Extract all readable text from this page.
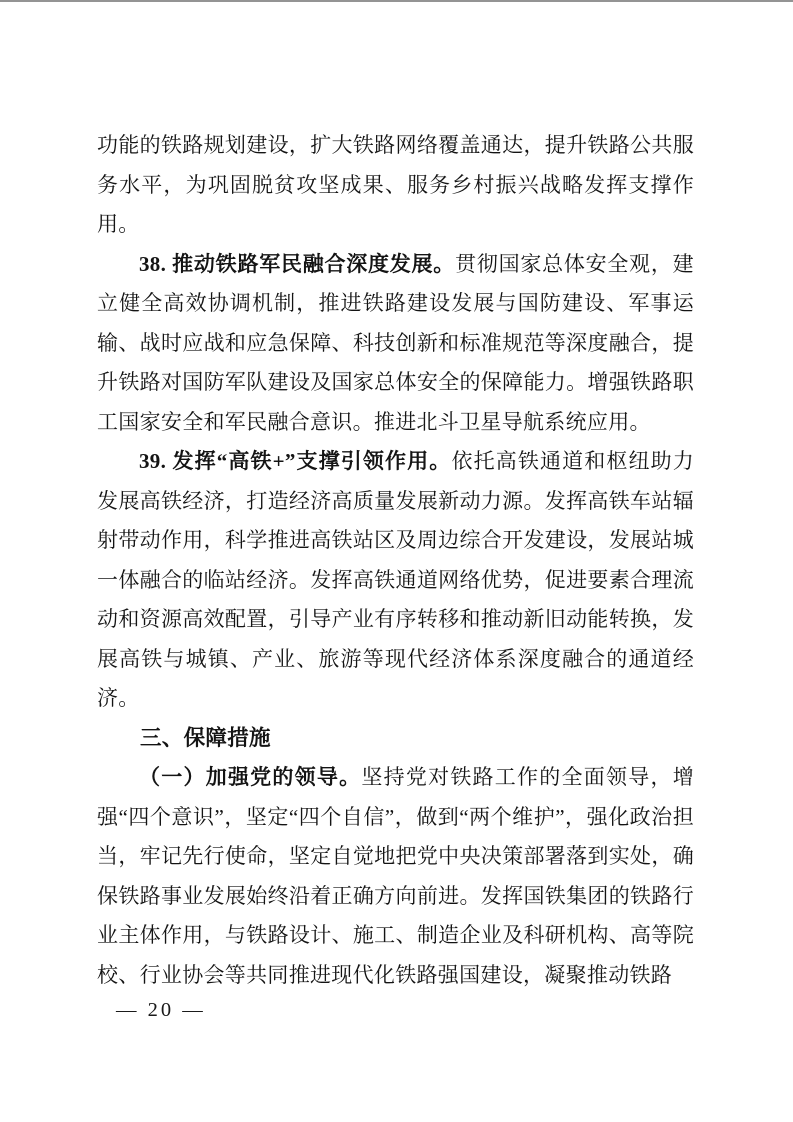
功能的铁路规划建设，扩大铁路网络覆盖通达，提升铁路公共服务水平，为巩固脱贫攻坚成果、服务乡村振兴战略发挥支撑作用。

38. 推动铁路军民融合深度发展。贯彻国家总体安全观，建立健全高效协调机制，推进铁路建设发展与国防建设、军事运输、战时应战和应急保障、科技创新和标准规范等深度融合，提升铁路对国防军队建设及国家总体安全的保障能力。增强铁路职工国家安全和军民融合意识。推进北斗卫星导航系统应用。

39. 发挥“高铁+”支撑引领作用。依托高铁通道和枢纽助力发展高铁经济，打造经济高质量发展新动力源。发挥高铁车站辐射带动作用，科学推进高铁站区及周边综合开发建设，发展站城一体融合的临站经济。发挥高铁通道网络优势，促进要素合理流动和资源高效配置，引导产业有序转移和推动新旧动能转换，发展高铁与城镇、产业、旅游等现代经济体系深度融合的通道经济。

三、保障措施

（一）加强党的领导。坚持党对铁路工作的全面领导，增强“四个意识”，坚定“四个自信”，做到“两个维护”，强化政治担当，牢记先行使命，坚定自觉地把党中央决策部署落到实处，确保铁路事业发展始终沿着正确方向前进。发挥国铁集团的铁路行业主体作用，与铁路设计、施工、制造企业及科研机构、高等院校、行业协会等共同推进现代化铁路强国建设，凝聚推动铁路

— 20 —
